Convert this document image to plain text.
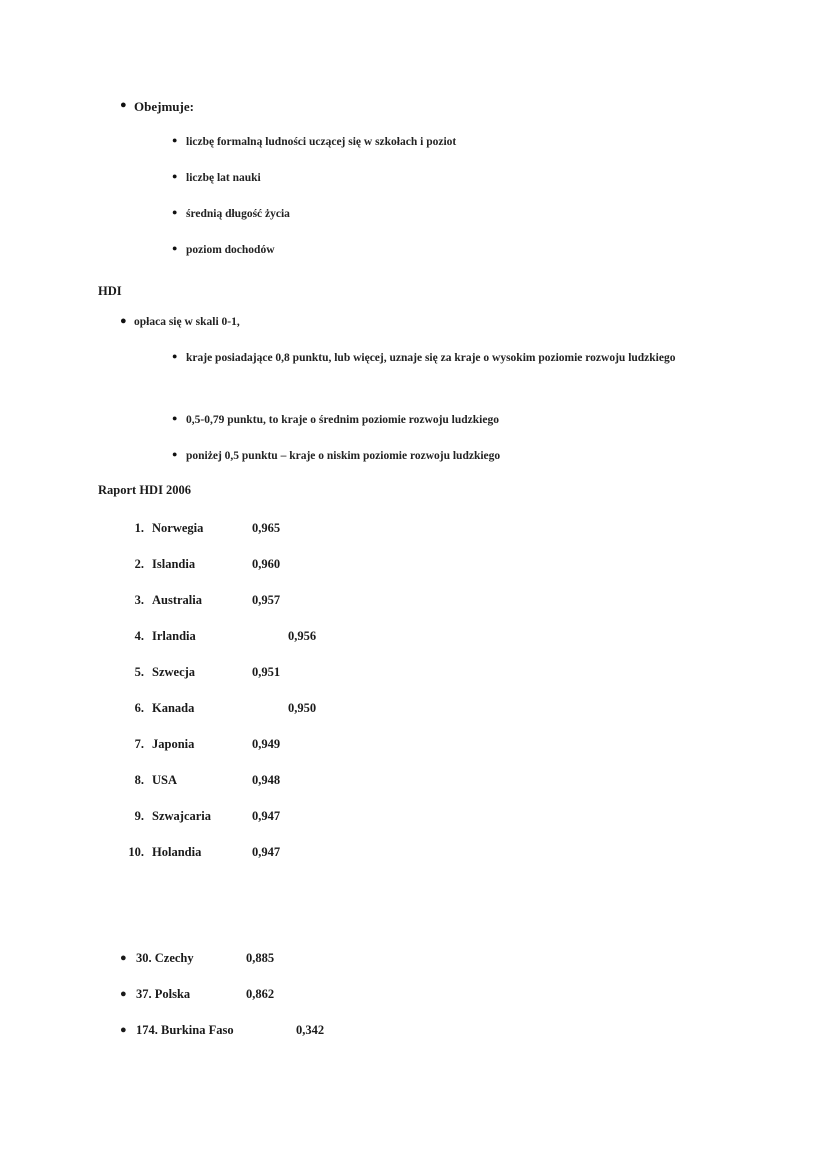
● Obejmuje:
● liczbę formalną ludności uczącej się w szkołach i poziot
● liczbę lat nauki
● średnią długość życia
● poziom dochodów
HDI
● opłaca się w skali 0-1,
● kraje posiadające 0,8 punktu, lub więcej, uznaje się za kraje o wysokim poziomie rozwoju ludzkiego
● 0,5-0,79 punktu, to kraje o średnim poziomie rozwoju ludzkiego
● poniżej 0,5 punktu – kraje o niskim poziomie rozwoju ludzkiego
Raport HDI 2006
1. Norwegia	0,965
2. Islandia	0,960
3. Australia	0,957
4. Irlandia	0,956
5. Szwecja	0,951
6. Kanada	0,950
7. Japonia	0,949
8. USA	0,948
9. Szwajcaria	0,947
10. Holandia	0,947
● 30. Czechy	0,885
● 37. Polska	0,862
● 174. Burkina Faso	0,342
